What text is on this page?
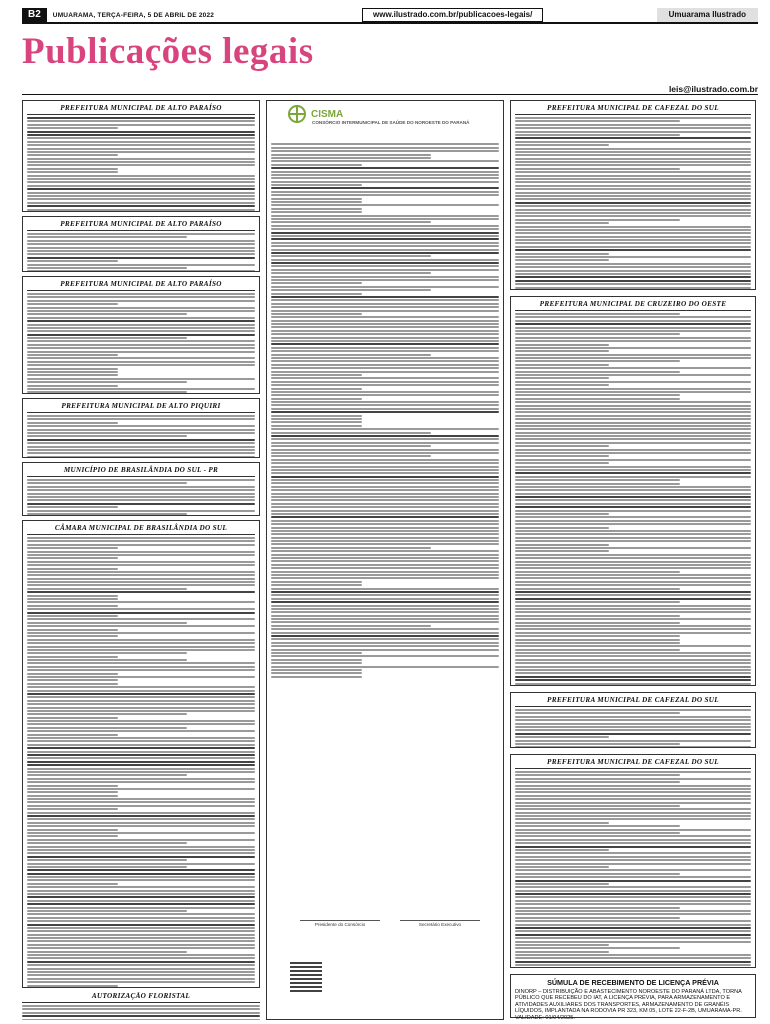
B2	UMUARAMA, TERÇA-FEIRA, 5 DE ABRIL DE 2022	www.ilustrado.com.br/publicacoes-legais/	Umuarama Ilustrado
Publicações legais
leis@ilustrado.com.br
PREFEITURA MUNICIPAL DE ALTO PARAÍSO
PREFEITURA MUNICIPAL DE ALTO PARAÍSO
PREFEITURA MUNICIPAL DE ALTO PARAÍSO
PREFEITURA MUNICIPAL DE ALTO PIQUIRI
MUNICÍPIO DE BRASILÂNDIA DO SUL - PR
CÂMARA MUNICIPAL DE BRASILÂNDIA DO SUL
AUTORIZAÇÃO FLORISTAL
CISMA
CONSÓRCIO INTERMUNICIPAL DE SAÚDE DO NOROESTE DO PARANÁ
Presidente do Consórcio	Secretário Executivo
PREFEITURA MUNICIPAL DE CAFEZAL DO SUL
PREFEITURA MUNICIPAL DE CRUZEIRO DO OESTE
PREFEITURA MUNICIPAL DE CAFEZAL DO SUL
PREFEITURA MUNICIPAL DE CAFEZAL DO SUL
SÚMULA DE RECEBIMENTO DE LICENÇA PRÉVIA
DINORP – DISTRIBUIÇÃO E ABASTECIMENTO NOROESTE DO PARANÁ LTDA, TORNA PÚBLICO QUE RECEBEU DO IAT, A LICENÇA PRÉVIA, PARA ARMAZENAMENTO E ATIVIDADES AUXILIARES DOS TRANSPORTES, ARMAZENAMENTO DE GRANÉIS LÍQUIDOS, IMPLANTADA NA RODOVIA PR 323, KM 05, LOTE 22-F-2B, UMUARAMA-PR. VALIDADE: 01/04/2025.
